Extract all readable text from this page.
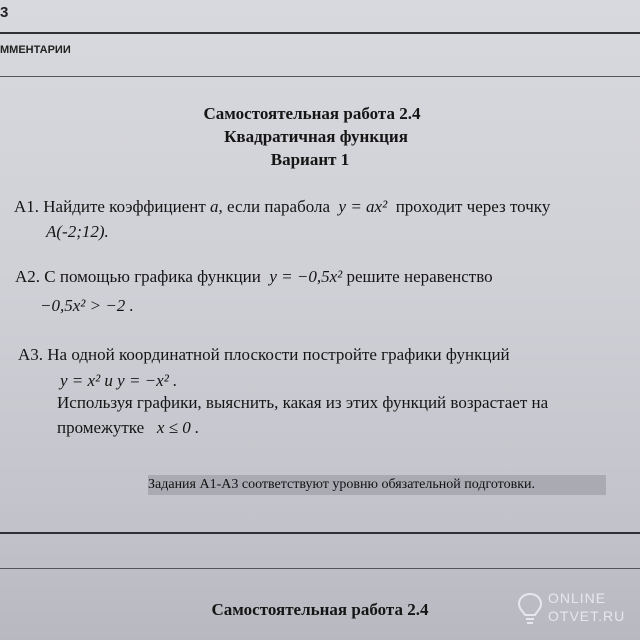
3
ММЕНТАРИИ
Самостоятельная работа 2.4
Квадратичная функция
Вариант 1
A1. Найдите коэффициент a, если парабола y = ax² проходит через точку
A(-2;12).
A2. С помощью графика функции y = −0,5x² решите неравенство
−0,5x² > −2 .
A3. На одной координатной плоскости постройте графики функций
y = x² и y = −x² .
Используя графики, выяснить, какая из этих функций возрастает на
промежутке x ≤ 0 .
Задания А1-А3 соответствуют уровню обязательной подготовки.
Самостоятельная работа 2.4
ONLINE
OTVET.RU
